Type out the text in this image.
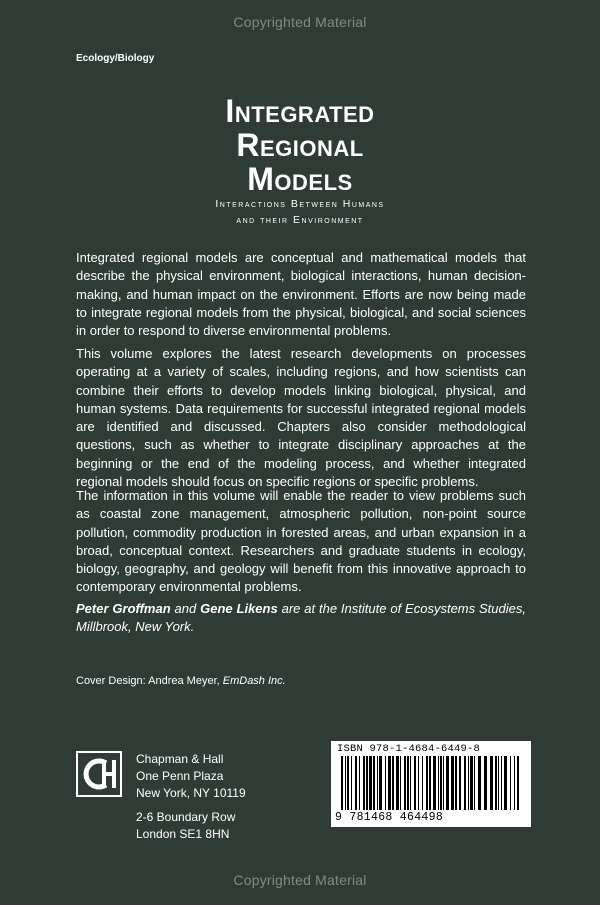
Copyrighted Material
Ecology/Biology
Integrated
Regional
Models
Interactions Between Humans
and their Environment

Integrated regional models are conceptual and mathematical models that describe the physical environment, biological interactions, human decision-making, and human impact on the environment. Efforts are now being made to integrate regional models from the physical, biological, and social sciences in order to respond to diverse environmental problems.

This volume explores the latest research developments on processes operating at a variety of scales, including regions, and how scientists can combine their efforts to develop models linking biological, physical, and human systems. Data requirements for successful integrated regional models are identified and discussed. Chapters also consider methodological questions, such as whether to integrate disciplinary approaches at the beginning or the end of the modeling process, and whether integrated regional models should focus on specific regions or specific problems.

The information in this volume will enable the reader to view problems such as coastal zone management, atmospheric pollution, non-point source pollution, commodity production in forested areas, and urban expansion in a broad, conceptual context. Researchers and graduate students in ecology, biology, geography, and geology will benefit from this innovative approach to contemporary environmental problems.

Peter Groffman and Gene Likens are at the Institute of Ecosystems Studies, Millbrook, New York.

Cover Design: Andrea Meyer, EmDash Inc.
Chapman & Hall
One Penn Plaza
New York, NY 10119
2-6 Boundary Row
London SE1 8HN
ISBN 978-1-4684-6449-8
9 781468 464498
Copyrighted Material
